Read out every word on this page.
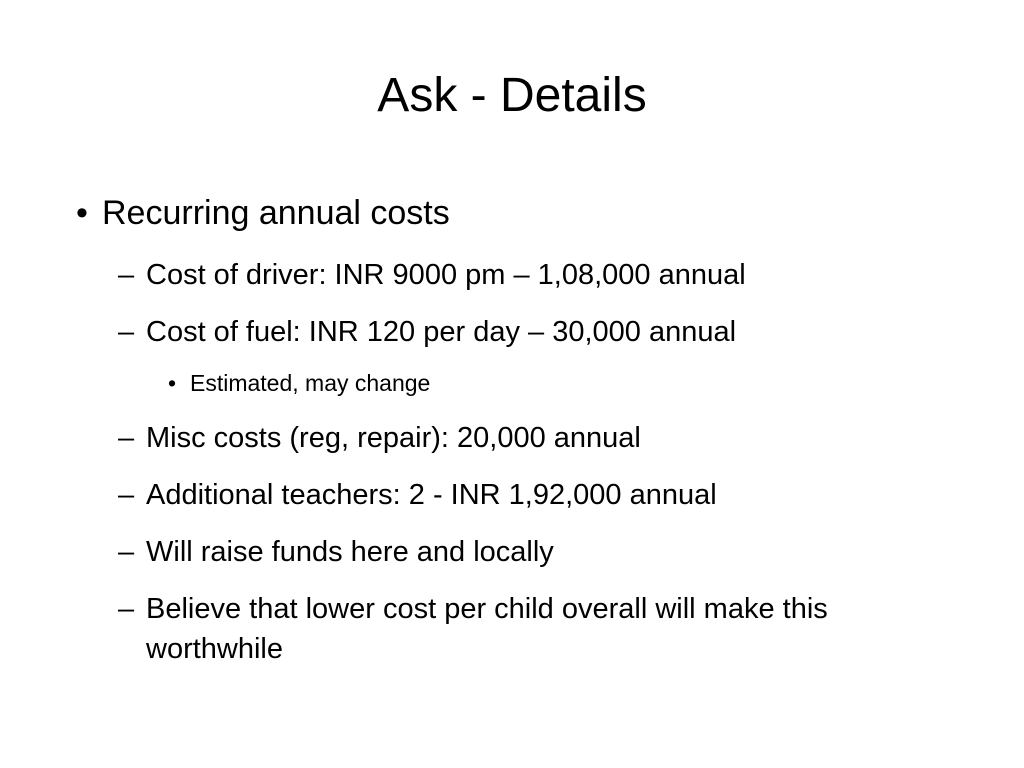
Ask - Details
• Recurring annual costs
– Cost of driver: INR 9000 pm – 1,08,000 annual
– Cost of fuel: INR 120 per day – 30,000 annual
• Estimated, may change
– Misc costs (reg, repair): 20,000 annual
– Additional teachers: 2 - INR 1,92,000 annual
– Will raise funds here and locally
– Believe that lower cost per child overall will make this worthwhile
